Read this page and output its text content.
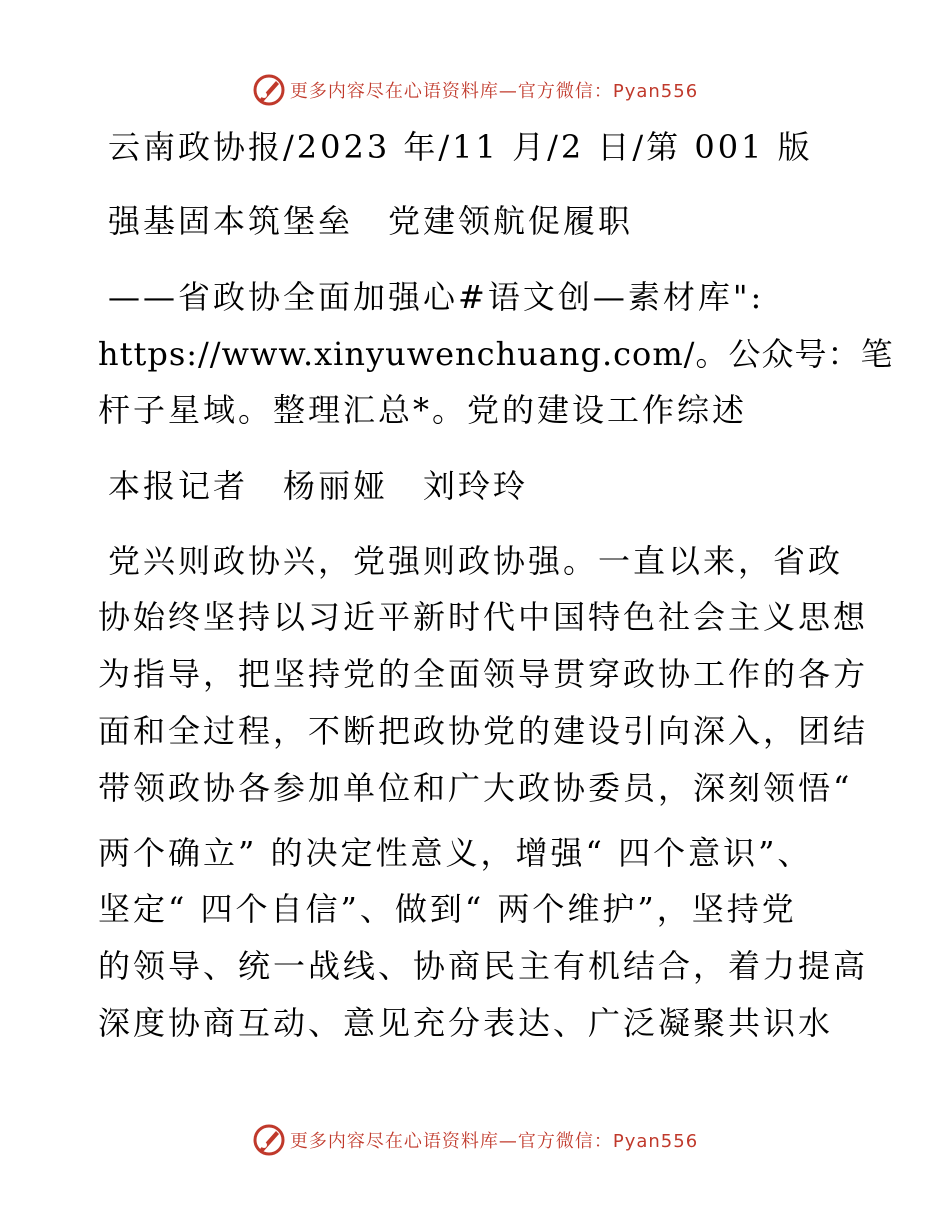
更多内容尽在心语资料库—官方微信：Pyan556
云南政协报/2023 年/11 月/2 日/第 001 版
强基固本筑堡垒　党建领航促履职
——省政协全面加强心#语文创—素材库":
https://www.xinyuwenchuang.com/。公众号：笔
杆子星域。整理汇总*。党的建设工作综述
本报记者　杨丽娅　刘玲玲
党兴则政协兴，党强则政协强。一直以来，省政
协始终坚持以习近平新时代中国特色社会主义思想
为指导，把坚持党的全面领导贯穿政协工作的各方
面和全过程，不断把政协党的建设引向深入，团结
带领政协各参加单位和广大政协委员，深刻领悟“
两个确立” 的决定性意义，增强“ 四个意识”、
坚定“ 四个自信”、做到“ 两个维护”，坚持党
的领导、统一战线、协商民主有机结合，着力提高
深度协商互动、意见充分表达、广泛凝聚共识水
更多内容尽在心语资料库—官方微信：Pyan556
